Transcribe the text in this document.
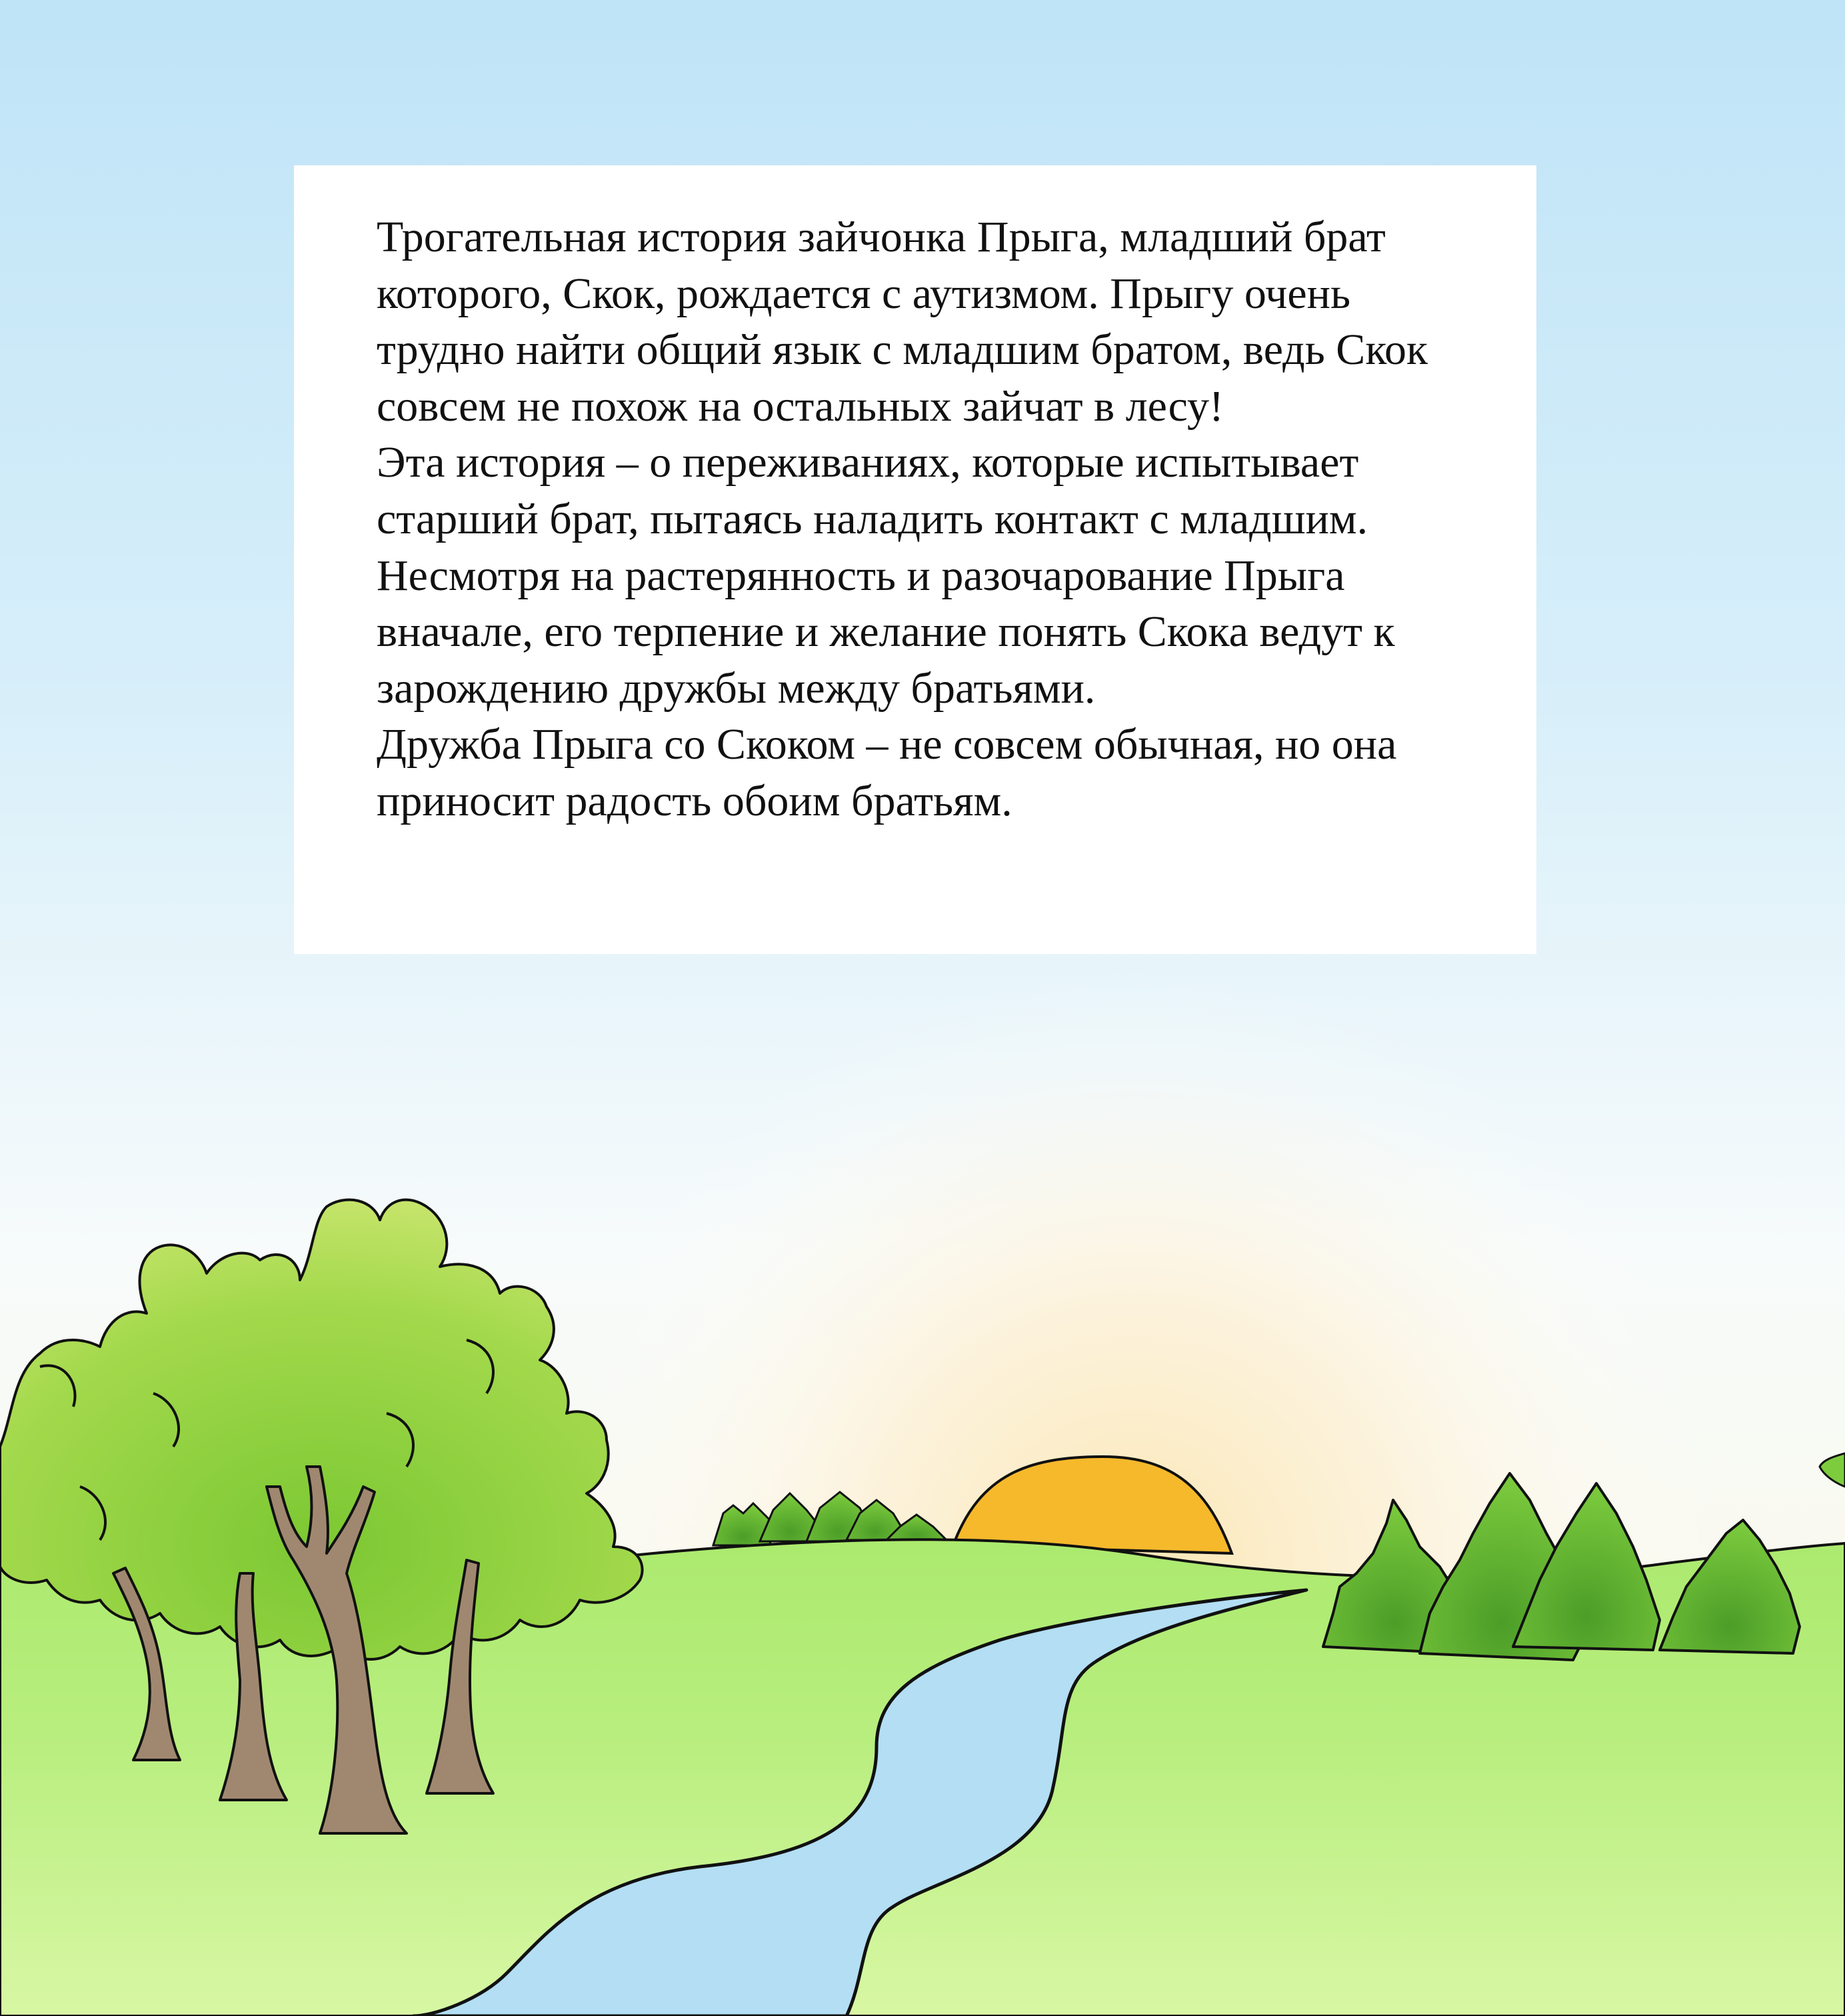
Трогательная история зайчонка Прыга, младший брат которого, Скок, рождается с аутизмом. Прыгу очень трудно найти общий язык с младшим братом, ведь Скок совсем не похож на остальных зайчат в лесу!

Эта история – о переживаниях, которые испытывает старший брат, пытаясь наладить контакт с младшим. Несмотря на растерянность и разочарование Прыга вначале, его терпение и желание понять Скока ведут к зарождению дружбы между братьями.

Дружба Прыга со Скоком – не совсем обычная, но она приносит радость обоим братьям.
